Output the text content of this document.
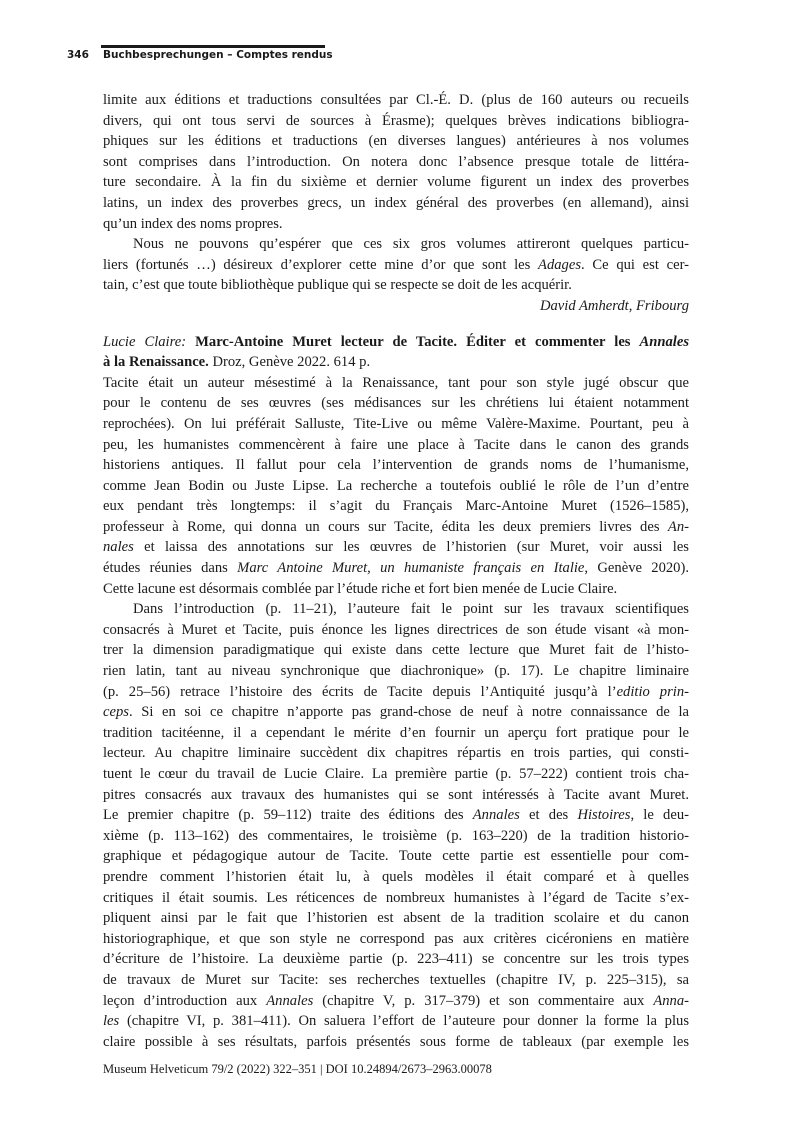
346 Buchbesprechungen – Comptes rendus
limite aux éditions et traductions consultées par Cl.-É. D. (plus de 160 auteurs ou recueils
divers, qui ont tous servi de sources à Érasme); quelques brèves indications bibliogra-
phiques sur les éditions et traductions (en diverses langues) antérieures à nos volumes
sont comprises dans l’introduction. On notera donc l’absence presque totale de littéra-
ture secondaire. À la fin du sixième et dernier volume figurent un index des proverbes
latins, un index des proverbes grecs, un index général des proverbes (en allemand), ainsi
qu’un index des noms propres.
Nous ne pouvons qu’espérer que ces six gros volumes attireront quelques particu-
liers (fortunés …) désireux d’explorer cette mine d’or que sont les Adages. Ce qui est cer-
tain, c’est que toute bibliothèque publique qui se respecte se doit de les acquérir.
David Amherdt, Fribourg
Lucie Claire: Marc-Antoine Muret lecteur de Tacite. Éditer et commenter les Annales
à la Renaissance. Droz, Genève 2022. 614 p.
Tacite était un auteur mésestimé à la Renaissance, tant pour son style jugé obscur que
pour le contenu de ses œuvres (ses médisances sur les chrétiens lui étaient notamment
reprochées). On lui préférait Salluste, Tite-Live ou même Valère-Maxime. Pourtant, peu à
peu, les humanistes commencèrent à faire une place à Tacite dans le canon des grands
historiens antiques. Il fallut pour cela l’intervention de grands noms de l’humanisme,
comme Jean Bodin ou Juste Lipse. La recherche a toutefois oublié le rôle de l’un d’entre
eux pendant très longtemps: il s’agit du Français Marc-Antoine Muret (1526–1585),
professeur à Rome, qui donna un cours sur Tacite, édita les deux premiers livres des An-
nales et laissa des annotations sur les œuvres de l’historien (sur Muret, voir aussi les
études réunies dans Marc Antoine Muret, un humaniste français en Italie, Genève 2020).
Cette lacune est désormais comblée par l’étude riche et fort bien menée de Lucie Claire.
Dans l’introduction (p. 11–21), l’auteure fait le point sur les travaux scientifiques
consacrés à Muret et Tacite, puis énonce les lignes directrices de son étude visant «à mon-
trer la dimension paradigmatique qui existe dans cette lecture que Muret fait de l’histo-
rien latin, tant au niveau synchronique que diachronique» (p. 17). Le chapitre liminaire
(p. 25–56) retrace l’histoire des écrits de Tacite depuis l’Antiquité jusqu’à l’editio prin-
ceps. Si en soi ce chapitre n’apporte pas grand-chose de neuf à notre connaissance de la
tradition tacitéenne, il a cependant le mérite d’en fournir un aperçu fort pratique pour le
lecteur. Au chapitre liminaire succèdent dix chapitres répartis en trois parties, qui consti-
tuent le cœur du travail de Lucie Claire. La première partie (p. 57–222) contient trois cha-
pitres consacrés aux travaux des humanistes qui se sont intéressés à Tacite avant Muret.
Le premier chapitre (p. 59–112) traite des éditions des Annales et des Histoires, le deu-
xième (p. 113–162) des commentaires, le troisième (p. 163–220) de la tradition historio-
graphique et pédagogique autour de Tacite. Toute cette partie est essentielle pour com-
prendre comment l’historien était lu, à quels modèles il était comparé et à quelles
critiques il était soumis. Les réticences de nombreux humanistes à l’égard de Tacite s’ex-
pliquent ainsi par le fait que l’historien est absent de la tradition scolaire et du canon
historiographique, et que son style ne correspond pas aux critères cicéroniens en matière
d’écriture de l’histoire. La deuxième partie (p. 223–411) se concentre sur les trois types
de travaux de Muret sur Tacite: ses recherches textuelles (chapitre IV, p. 225–315), sa
leçon d’introduction aux Annales (chapitre V, p. 317–379) et son commentaire aux Anna-
les (chapitre VI, p. 381–411). On saluera l’effort de l’auteure pour donner la forme la plus
claire possible à ses résultats, parfois présentés sous forme de tableaux (par exemple les
Museum Helveticum 79/2 (2022) 322–351 | DOI 10.24894/2673–2963.00078
